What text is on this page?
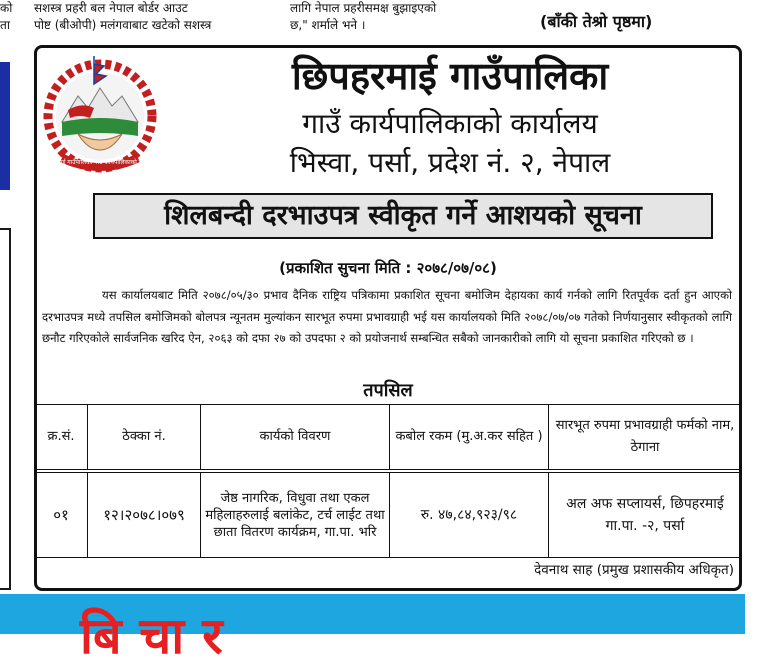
को
ता
सशस्त्र प्रहरी बल नेपाल बोर्डर आउट
पोष्ट (बीओपी) मलंगवाबाट खटेको सशस्त्र
लागि नेपाल प्रहरीसमक्ष बुझाइएको
छ," शर्माले भने ।	(बाँकी तेश्रो पृष्ठमा)
छिपहरमाई गाउँपालिका गाउँ कार्यपालिकाको कार्यालय
छिपहरमाई गाउँपालिका
गाउँ कार्यपालिकाको कार्यालय
भिस्वा, पर्सा, प्रदेश नं. २, नेपाल
शिलबन्दी दरभाउपत्र स्वीकृत गर्ने आशयको सूचना
(प्रकाशित सुचना मिति : २०७८/०७/०८)
यस कार्यालयबाट मिति २०७८/०५/३० प्रभाव दैनिक राष्ट्रिय पत्रिकामा प्रकाशित सूचना बमोजिम देहायका कार्य गर्नको लागि रितपूर्वक दर्ता हुन आएको दरभाउपत्र मध्ये तपसिल बमोजिमको बोलपत्र न्यूनतम मुल्यांकन सारभूत रुपमा प्रभावग्राही भई यस कार्यालयको मिति २०७८/०७/०७ गतेको निर्णयानुसार स्वीकृतको लागि छनौट गरिएकोले सार्वजनिक खरिद ऐन, २०६३ को दफा २७ को उपदफा २ को प्रयोजनार्थ सम्बन्धित सबैको जानकारीको लागि यो सूचना प्रकाशित गरिएको छ ।
तपसिल
क्र.सं.	ठेक्का नं.	कार्यको विवरण	कबोल रकम (मु.अ.कर सहित )	सारभूत रुपमा प्रभावग्राही फर्मको नाम, ठेगाना
०१	१२।२०७८।०७९	जेष्ठ नागरिक, विधुवा तथा एकल महिलाहरुलाई बलांकेट, टर्च लाईट तथा छाता वितरण कार्यक्रम, गा.पा. भरि	रु. ४७,८४,९२३/९८	अल अफ सप्लायर्स, छिपहरमाई गा.पा. -२, पर्सा
देवनाथ साह (प्रमुख प्रशासकीय अधिकृत)
बिचार
